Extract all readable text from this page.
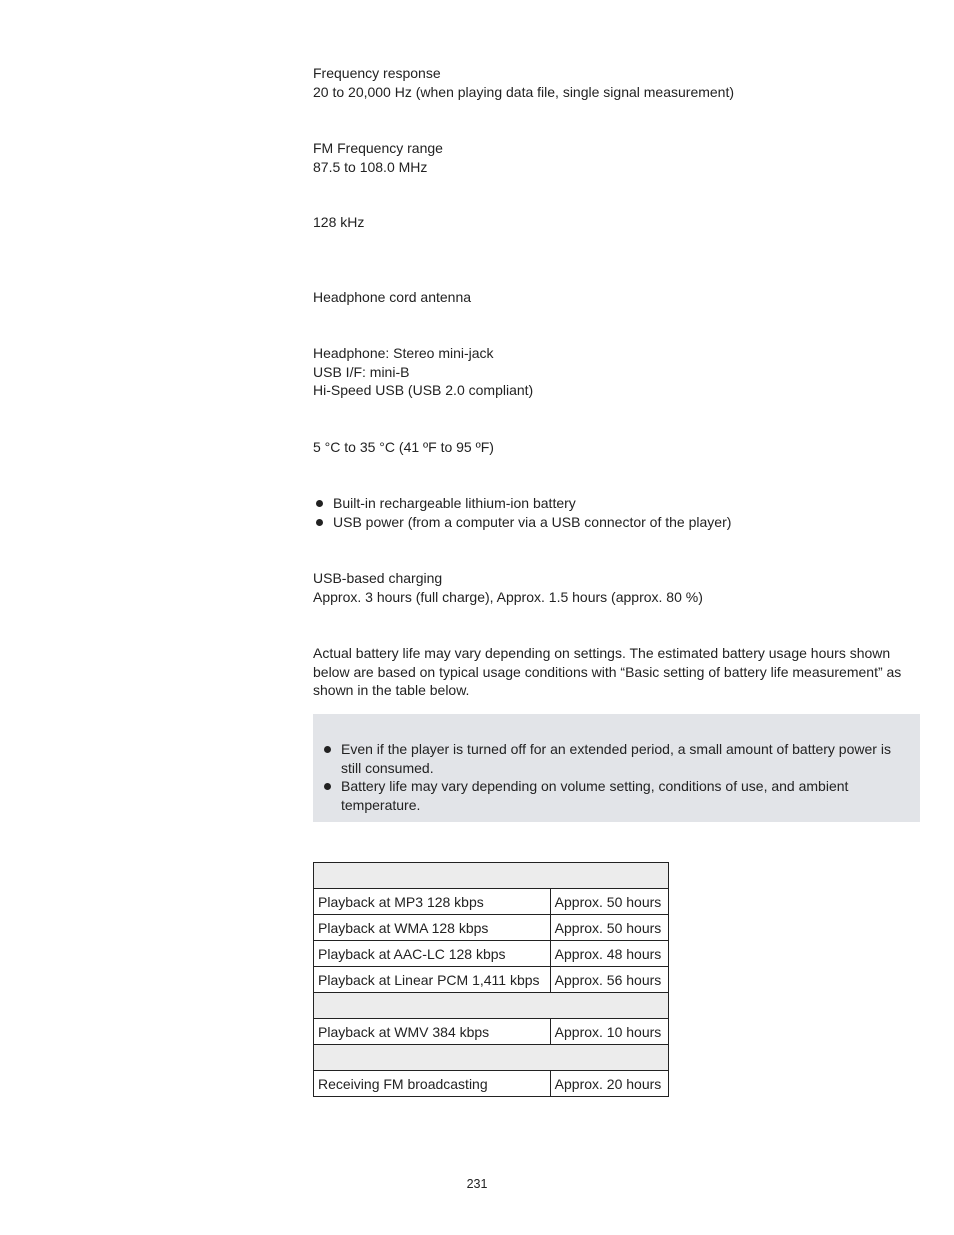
Frequency response
20 to 20,000 Hz (when playing data file, single signal measurement)
FM Frequency range
87.5 to 108.0 MHz
128 kHz
Headphone cord antenna
Headphone: Stereo mini-jack
USB I/F: mini-B
Hi-Speed USB (USB 2.0 compliant)
5 °C to 35 °C (41 ºF to 95 ºF)
Built-in rechargeable lithium-ion battery
USB power (from a computer via a USB connector of the player)
USB-based charging
Approx. 3 hours (full charge), Approx. 1.5 hours (approx. 80 %)
Actual battery life may vary depending on settings. The estimated battery usage hours shown below are based on typical usage conditions with “Basic setting of battery life measurement” as shown in the table below.
Even if the player is turned off for an extended period, a small amount of battery power is still consumed.
Battery life may vary depending on volume setting, conditions of use, and ambient temperature.

Playback at MP3 128 kbps	Approx. 50 hours
Playback at WMA 128 kbps	Approx. 50 hours
Playback at AAC-LC 128 kbps	Approx. 48 hours
Playback at Linear PCM 1,411 kbps	Approx. 56 hours

Playback at WMV 384 kbps	Approx. 10 hours

Receiving FM broadcasting	Approx. 20 hours
231
